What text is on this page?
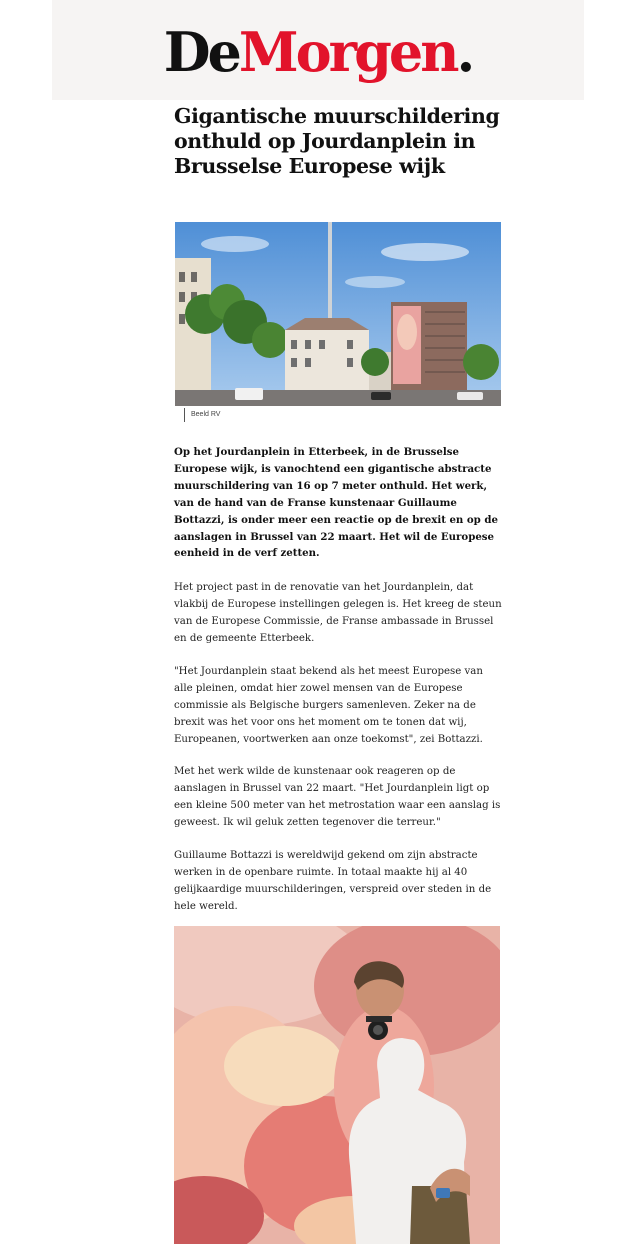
DeMorgen.
Gigantische muurschildering onthuld op Jourdanplein in Brusselse Europese wijk
Beeld RV

Op het Jourdanplein in Etterbeek, in de Brusselse Europese wijk, is vanochtend een gigantische abstracte muurschildering van 16 op 7 meter onthuld. Het werk, van de hand van de Franse kunstenaar Guillaume Bottazzi, is onder meer een reactie op de brexit en op de aanslagen in Brussel van 22 maart. Het wil de Europese eenheid in de verf zetten.

Het project past in de renovatie van het Jourdanplein, dat vlakbij de Europese instellingen gelegen is. Het kreeg de steun van de Europese Commissie, de Franse ambassade in Brussel en de gemeente Etterbeek.

"Het Jourdanplein staat bekend als het meest Europese van alle pleinen, omdat hier zowel mensen van de Europese commissie als Belgische burgers samenleven. Zeker na de brexit was het voor ons het moment om te tonen dat wij, Europeanen, voortwerken aan onze toekomst", zei Bottazzi.

Met het werk wilde de kunstenaar ook reageren op de aanslagen in Brussel van 22 maart. "Het Jourdanplein ligt op een kleine 500 meter van het metrostation waar een aanslag is geweest. Ik wil geluk zetten tegenover die terreur."

Guillaume Bottazzi is wereldwijd gekend om zijn abstracte werken in de openbare ruimte. In totaal maakte hij al 40 gelijkaardige muurschilderingen, verspreid over steden in de hele wereld.
